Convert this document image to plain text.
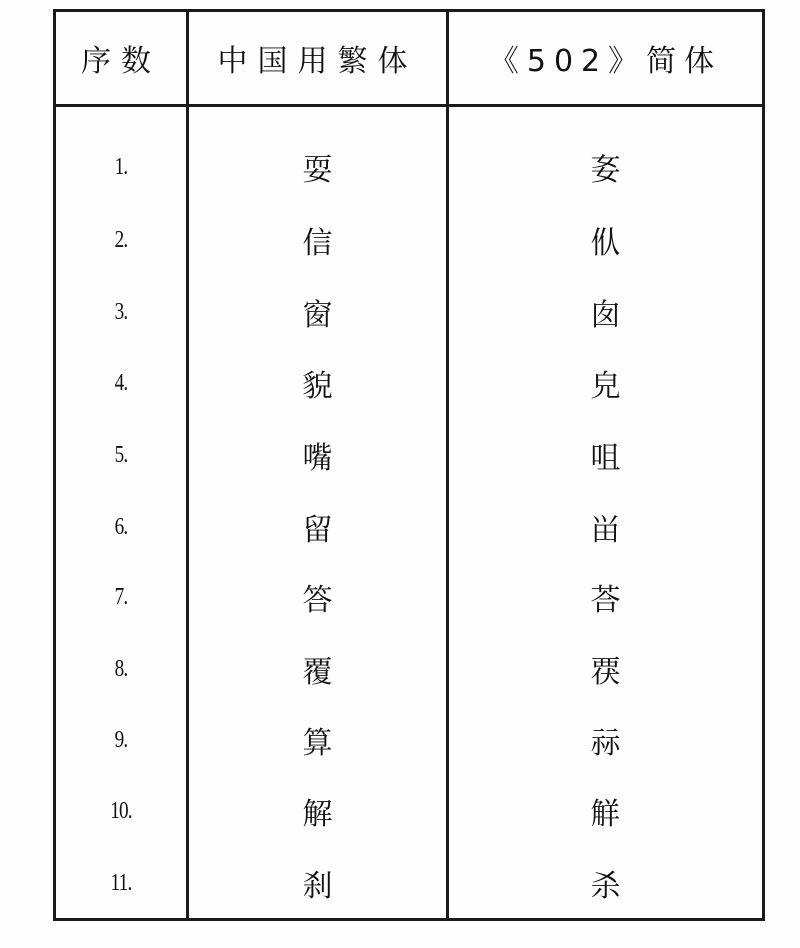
序数	中国用繁体	《502》简体
1.	耍	㚣
2.	信	㐺
3.	窗	囱
4.	貌	皃
5.	嘴	咀
6.	留	畄
7.	答	荅
8.	覆	覄
9.	算	祘
10.	解	觧
11.	刹	杀
